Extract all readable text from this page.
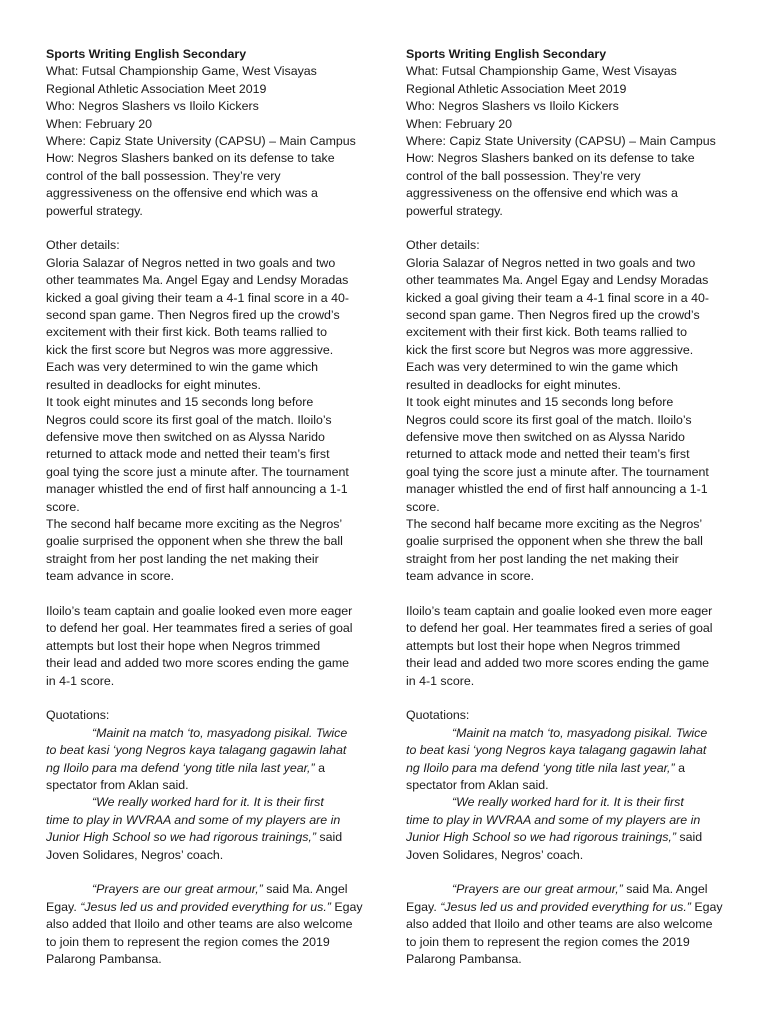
Sports Writing English Secondary
What: Futsal Championship Game, West Visayas
Regional Athletic Association Meet 2019
Who: Negros Slashers vs Iloilo Kickers
When: February 20
Where: Capiz State University (CAPSU) – Main Campus
How: Negros Slashers banked on its defense to take
control of the ball possession. They’re very
aggressiveness on the offensive end which was a
powerful strategy.
Other details:
Gloria Salazar of Negros netted in two goals and two
other teammates Ma. Angel Egay and Lendsy Moradas
kicked a goal giving their team a 4-1 final score in a 40-
second span game. Then Negros fired up the crowd’s
excitement with their first kick. Both teams rallied to
kick the first score but Negros was more aggressive.
Each was very determined to win the game which
resulted in deadlocks for eight minutes.
It took eight minutes and 15 seconds long before
Negros could score its first goal of the match. Iloilo’s
defensive move then switched on as Alyssa Narido
returned to attack mode and netted their team’s first
goal tying the score just a minute after. The tournament
manager whistled the end of first half announcing a 1-1
score.
The second half became more exciting as the Negros’
goalie surprised the opponent when she threw the ball
straight from her post landing the net making their
team advance in score.
Iloilo’s team captain and goalie looked even more eager
to defend her goal. Her teammates fired a series of goal
attempts but lost their hope when Negros trimmed
their lead and added two more scores ending the game
in 4-1 score.
Quotations:
“Mainit na match ‘to, masyadong pisikal. Twice
to beat kasi ‘yong Negros kaya talagang gagawin lahat
ng Iloilo para ma defend ‘yong title nila last year,” a
spectator from Aklan said.
“We really worked hard for it. It is their first
time to play in WVRAA and some of my players are in
Junior High School so we had rigorous trainings,” said
Joven Solidares, Negros’ coach.
“Prayers are our great armour,” said Ma. Angel
Egay. “Jesus led us and provided everything for us.” Egay
also added that Iloilo and other teams are also welcome
to join them to represent the region comes the 2019
Palarong Pambansa.
Sports Writing English Secondary
What: Futsal Championship Game, West Visayas
Regional Athletic Association Meet 2019
Who: Negros Slashers vs Iloilo Kickers
When: February 20
Where: Capiz State University (CAPSU) – Main Campus
How: Negros Slashers banked on its defense to take
control of the ball possession. They’re very
aggressiveness on the offensive end which was a
powerful strategy.
Other details:
Gloria Salazar of Negros netted in two goals and two
other teammates Ma. Angel Egay and Lendsy Moradas
kicked a goal giving their team a 4-1 final score in a 40-
second span game. Then Negros fired up the crowd’s
excitement with their first kick. Both teams rallied to
kick the first score but Negros was more aggressive.
Each was very determined to win the game which
resulted in deadlocks for eight minutes.
It took eight minutes and 15 seconds long before
Negros could score its first goal of the match. Iloilo’s
defensive move then switched on as Alyssa Narido
returned to attack mode and netted their team’s first
goal tying the score just a minute after. The tournament
manager whistled the end of first half announcing a 1-1
score.
The second half became more exciting as the Negros’
goalie surprised the opponent when she threw the ball
straight from her post landing the net making their
team advance in score.
Iloilo’s team captain and goalie looked even more eager
to defend her goal. Her teammates fired a series of goal
attempts but lost their hope when Negros trimmed
their lead and added two more scores ending the game
in 4-1 score.
Quotations:
“Mainit na match ‘to, masyadong pisikal. Twice
to beat kasi ‘yong Negros kaya talagang gagawin lahat
ng Iloilo para ma defend ‘yong title nila last year,” a
spectator from Aklan said.
“We really worked hard for it. It is their first
time to play in WVRAA and some of my players are in
Junior High School so we had rigorous trainings,” said
Joven Solidares, Negros’ coach.
“Prayers are our great armour,” said Ma. Angel
Egay. “Jesus led us and provided everything for us.” Egay
also added that Iloilo and other teams are also welcome
to join them to represent the region comes the 2019
Palarong Pambansa.
